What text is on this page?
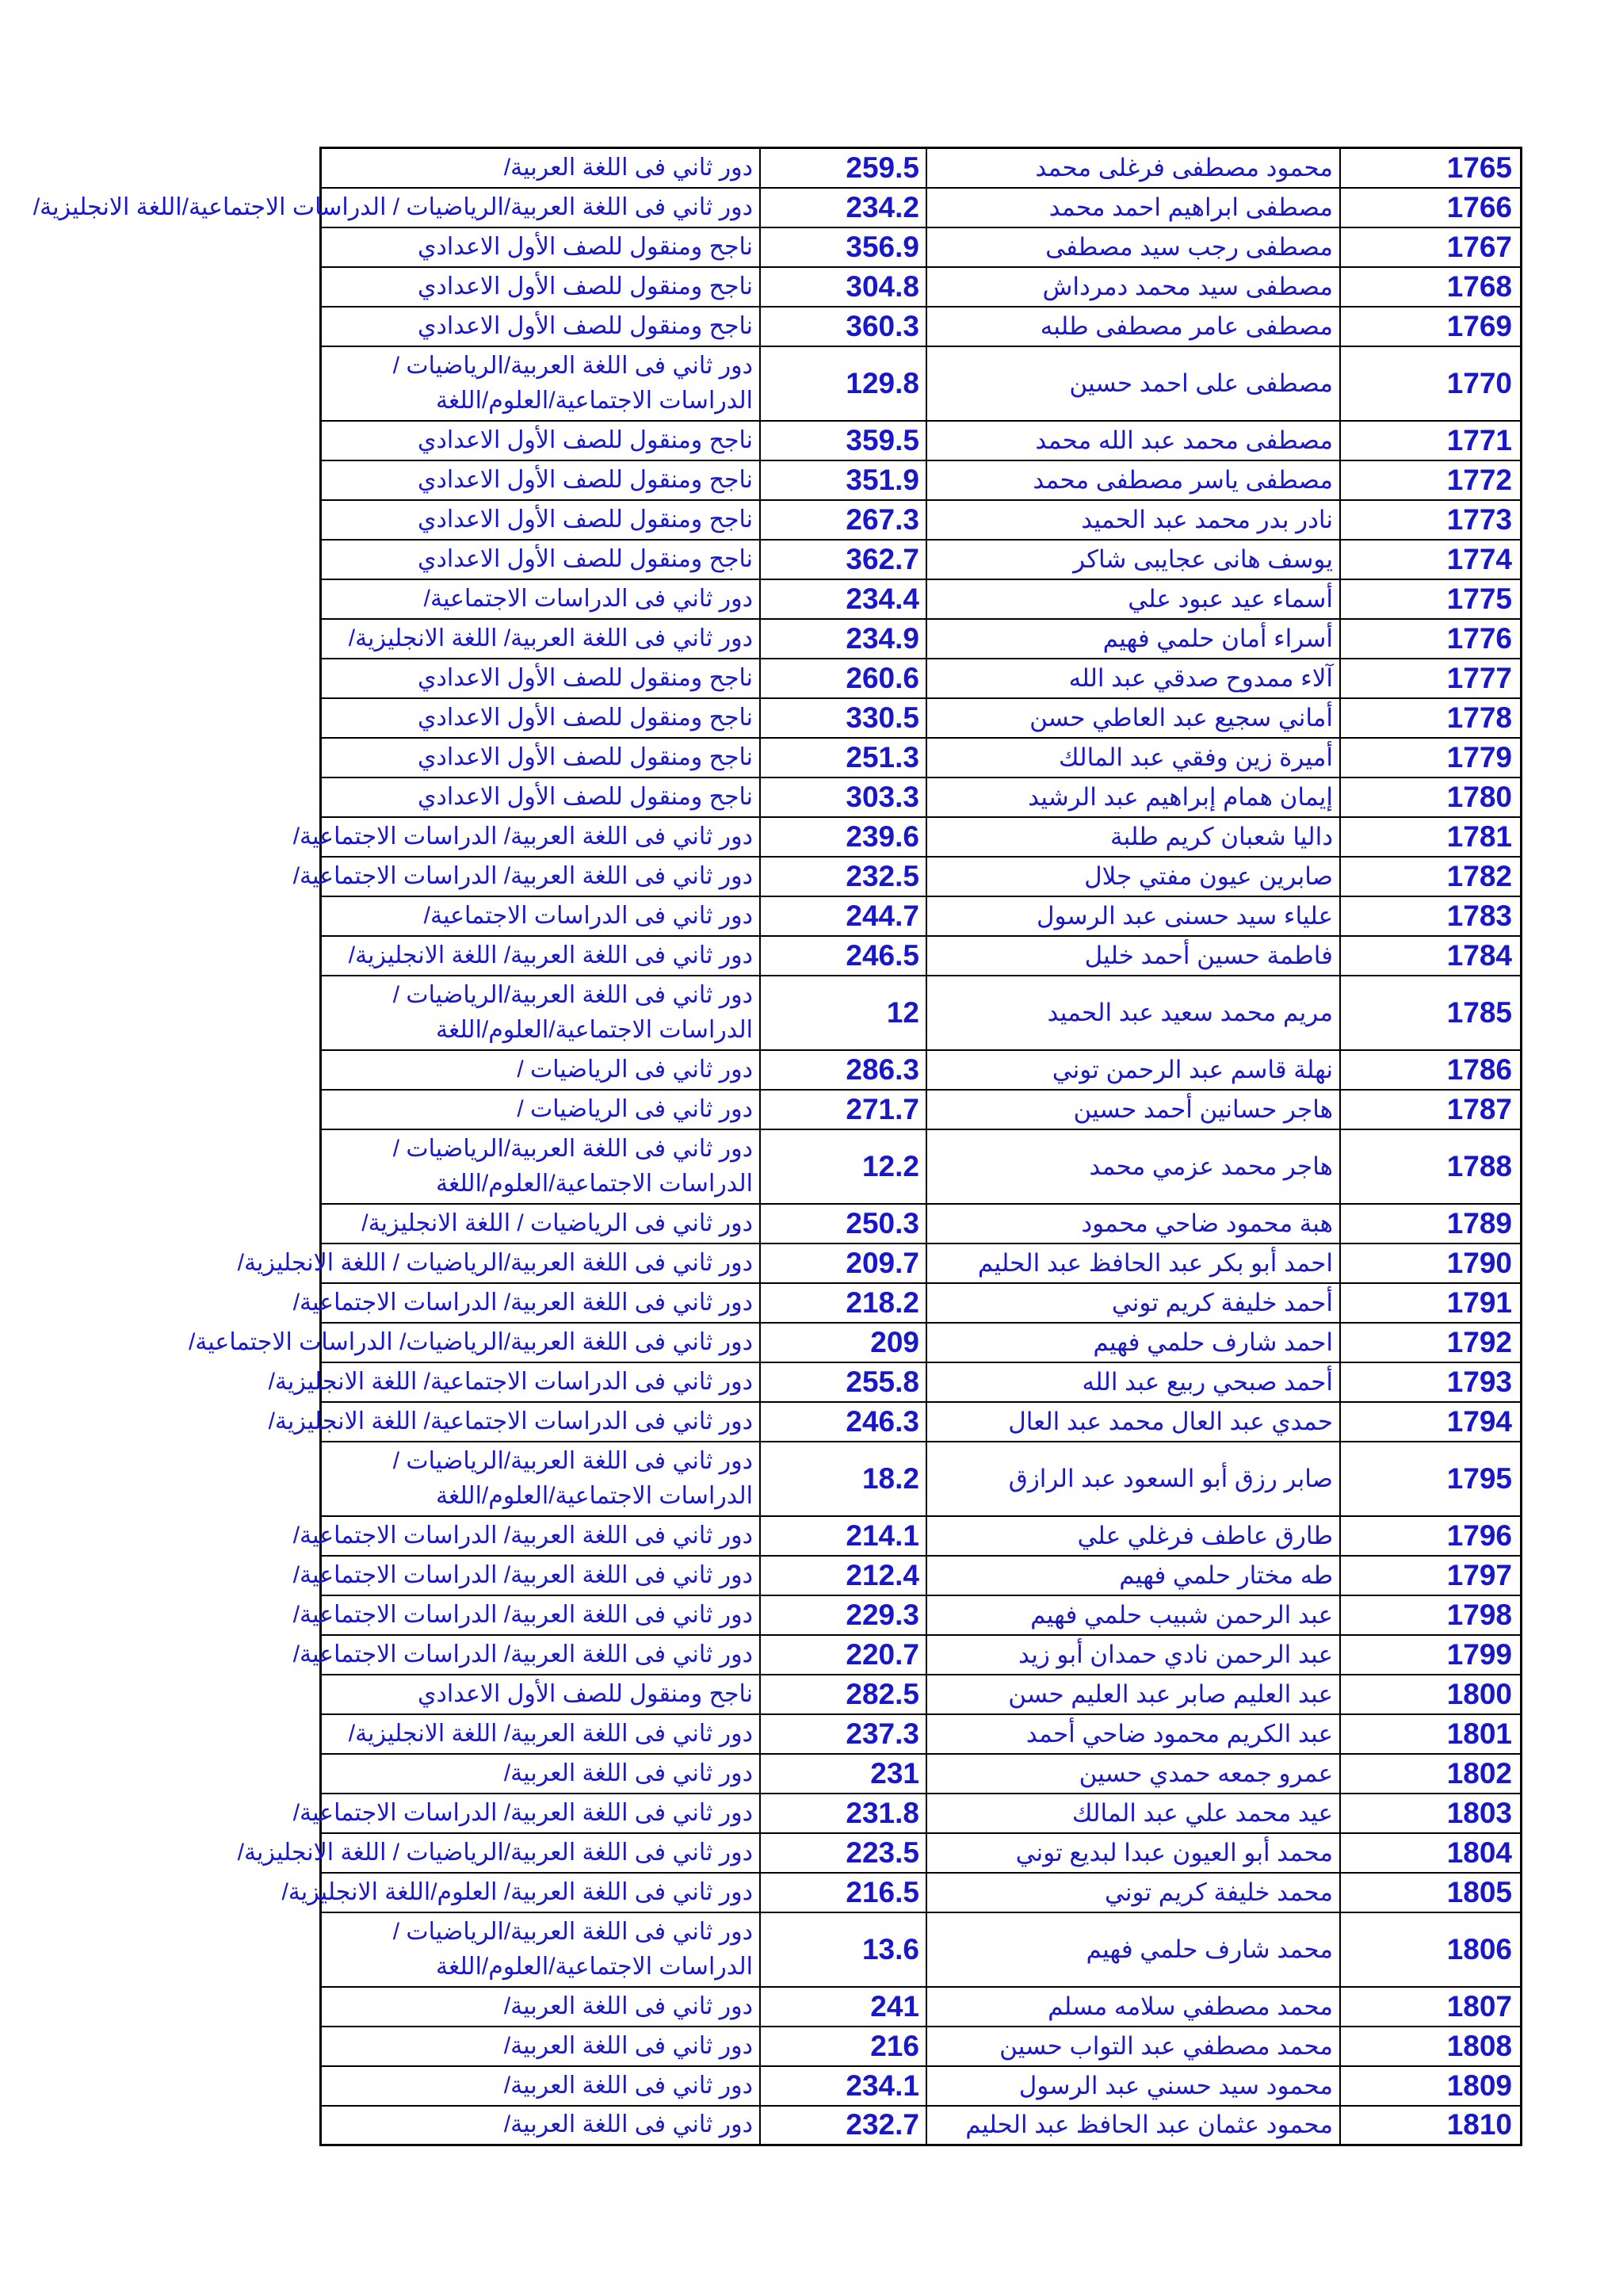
دور ثاني فى اللغة العربية/	259.5	محمود مصطفى فرغلى محمد	1765

دور ثاني فى اللغة العربية/الرياضيات / الدراسات الاجتماعية/اللغة الانجليزية/	234.2	مصطفى ابراهيم احمد محمد	1766

ناجح ومنقول للصف الأول الاعدادي	356.9	مصطفى رجب سيد مصطفى	1767

ناجح ومنقول للصف الأول الاعدادي	304.8	مصطفى سيد محمد دمرداش	1768

ناجح ومنقول للصف الأول الاعدادي	360.3	مصطفى عامر مصطفى طلبه	1769

دور ثاني فى اللغة العربية/الرياضيات / الدراسات الاجتماعية/العلوم/اللغة	129.8	مصطفى على احمد حسين	1770

ناجح ومنقول للصف الأول الاعدادي	359.5	مصطفى محمد عبد الله محمد	1771

ناجح ومنقول للصف الأول الاعدادي	351.9	مصطفى ياسر مصطفى محمد	1772

ناجح ومنقول للصف الأول الاعدادي	267.3	نادر بدر محمد عبد الحميد	1773

ناجح ومنقول للصف الأول الاعدادي	362.7	يوسف هانى عجايبى شاكر	1774

دور ثاني فى الدراسات الاجتماعية/	234.4	أسماء عيد عبود علي	1775

دور ثاني فى اللغة العربية/ اللغة الانجليزية/	234.9	أسراء أمان حلمي فهيم	1776

ناجح ومنقول للصف الأول الاعدادي	260.6	آلاء ممدوح صدقي عبد الله	1777

ناجح ومنقول للصف الأول الاعدادي	330.5	أماني سجيع عبد العاطي حسن	1778

ناجح ومنقول للصف الأول الاعدادي	251.3	أميرة زين وفقي عبد المالك	1779

ناجح ومنقول للصف الأول الاعدادي	303.3	إيمان همام إبراهيم عبد الرشيد	1780

دور ثاني فى اللغة العربية/ الدراسات الاجتماعية/	239.6	داليا شعبان كريم طلبة	1781

دور ثاني فى اللغة العربية/ الدراسات الاجتماعية/	232.5	صابرين عيون مفتي جلال	1782

دور ثاني فى الدراسات الاجتماعية/	244.7	علياء سيد حسنى عبد الرسول	1783

دور ثاني فى اللغة العربية/ اللغة الانجليزية/	246.5	فاطمة حسين أحمد خليل	1784

دور ثاني فى اللغة العربية/الرياضيات / الدراسات الاجتماعية/العلوم/اللغة	12	مريم محمد سعيد عبد الحميد	1785

دور ثاني فى الرياضيات /	286.3	نهلة قاسم عبد الرحمن توني	1786

دور ثاني فى الرياضيات /	271.7	هاجر حسانين أحمد حسين	1787

دور ثاني فى اللغة العربية/الرياضيات / الدراسات الاجتماعية/العلوم/اللغة	12.2	هاجر محمد عزمي محمد	1788

دور ثاني فى الرياضيات / اللغة الانجليزية/	250.3	هبة محمود ضاحي محمود	1789

دور ثاني فى اللغة العربية/الرياضيات / اللغة الانجليزية/	209.7	احمد أبو بكر عبد الحافظ عبد الحليم	1790

دور ثاني فى اللغة العربية/ الدراسات الاجتماعية/	218.2	أحمد خليفة كريم توني	1791

دور ثاني فى اللغة العربية/الرياضيات/ الدراسات الاجتماعية/	209	احمد شارف حلمي فهيم	1792

دور ثاني فى الدراسات الاجتماعية/ اللغة الانجليزية/	255.8	أحمد صبحي ربيع عبد الله	1793

دور ثاني فى الدراسات الاجتماعية/ اللغة الانجليزية/	246.3	حمدي عبد العال محمد عبد العال	1794

دور ثاني فى اللغة العربية/الرياضيات / الدراسات الاجتماعية/العلوم/اللغة	18.2	صابر رزق أبو السعود عبد الرازق	1795

دور ثاني فى اللغة العربية/ الدراسات الاجتماعية/	214.1	طارق عاطف فرغلي علي	1796

دور ثاني فى اللغة العربية/ الدراسات الاجتماعية/	212.4	طه مختار حلمي فهيم	1797

دور ثاني فى اللغة العربية/ الدراسات الاجتماعية/	229.3	عبد الرحمن شبيب حلمي فهيم	1798

دور ثاني فى اللغة العربية/ الدراسات الاجتماعية/	220.7	عبد الرحمن نادي حمدان أبو زيد	1799

ناجح ومنقول للصف الأول الاعدادي	282.5	عبد العليم صابر عبد العليم حسن	1800

دور ثاني فى اللغة العربية/ اللغة الانجليزية/	237.3	عبد الكريم محمود ضاحي أحمد	1801

دور ثاني فى اللغة العربية/	231	عمرو جمعه حمدي حسين	1802

دور ثاني فى اللغة العربية/ الدراسات الاجتماعية/	231.8	عيد محمد علي عبد المالك	1803

دور ثاني فى اللغة العربية/الرياضيات / اللغة الانجليزية/	223.5	محمد أبو العيون عبدا لبديع توني	1804

دور ثاني فى اللغة العربية/ العلوم/اللغة الانجليزية/	216.5	محمد خليفة كريم توني	1805

دور ثاني فى اللغة العربية/الرياضيات / الدراسات الاجتماعية/العلوم/اللغة	13.6	محمد شارف حلمي فهيم	1806

دور ثاني فى اللغة العربية/	241	محمد مصطفي سلامه مسلم	1807

دور ثاني فى اللغة العربية/	216	محمد مصطفي عبد التواب حسين	1808

دور ثاني فى اللغة العربية/	234.1	محمود سيد حسني عبد الرسول	1809

دور ثاني فى اللغة العربية/	232.7	محمود عثمان عبد الحافظ عبد الحليم	1810
